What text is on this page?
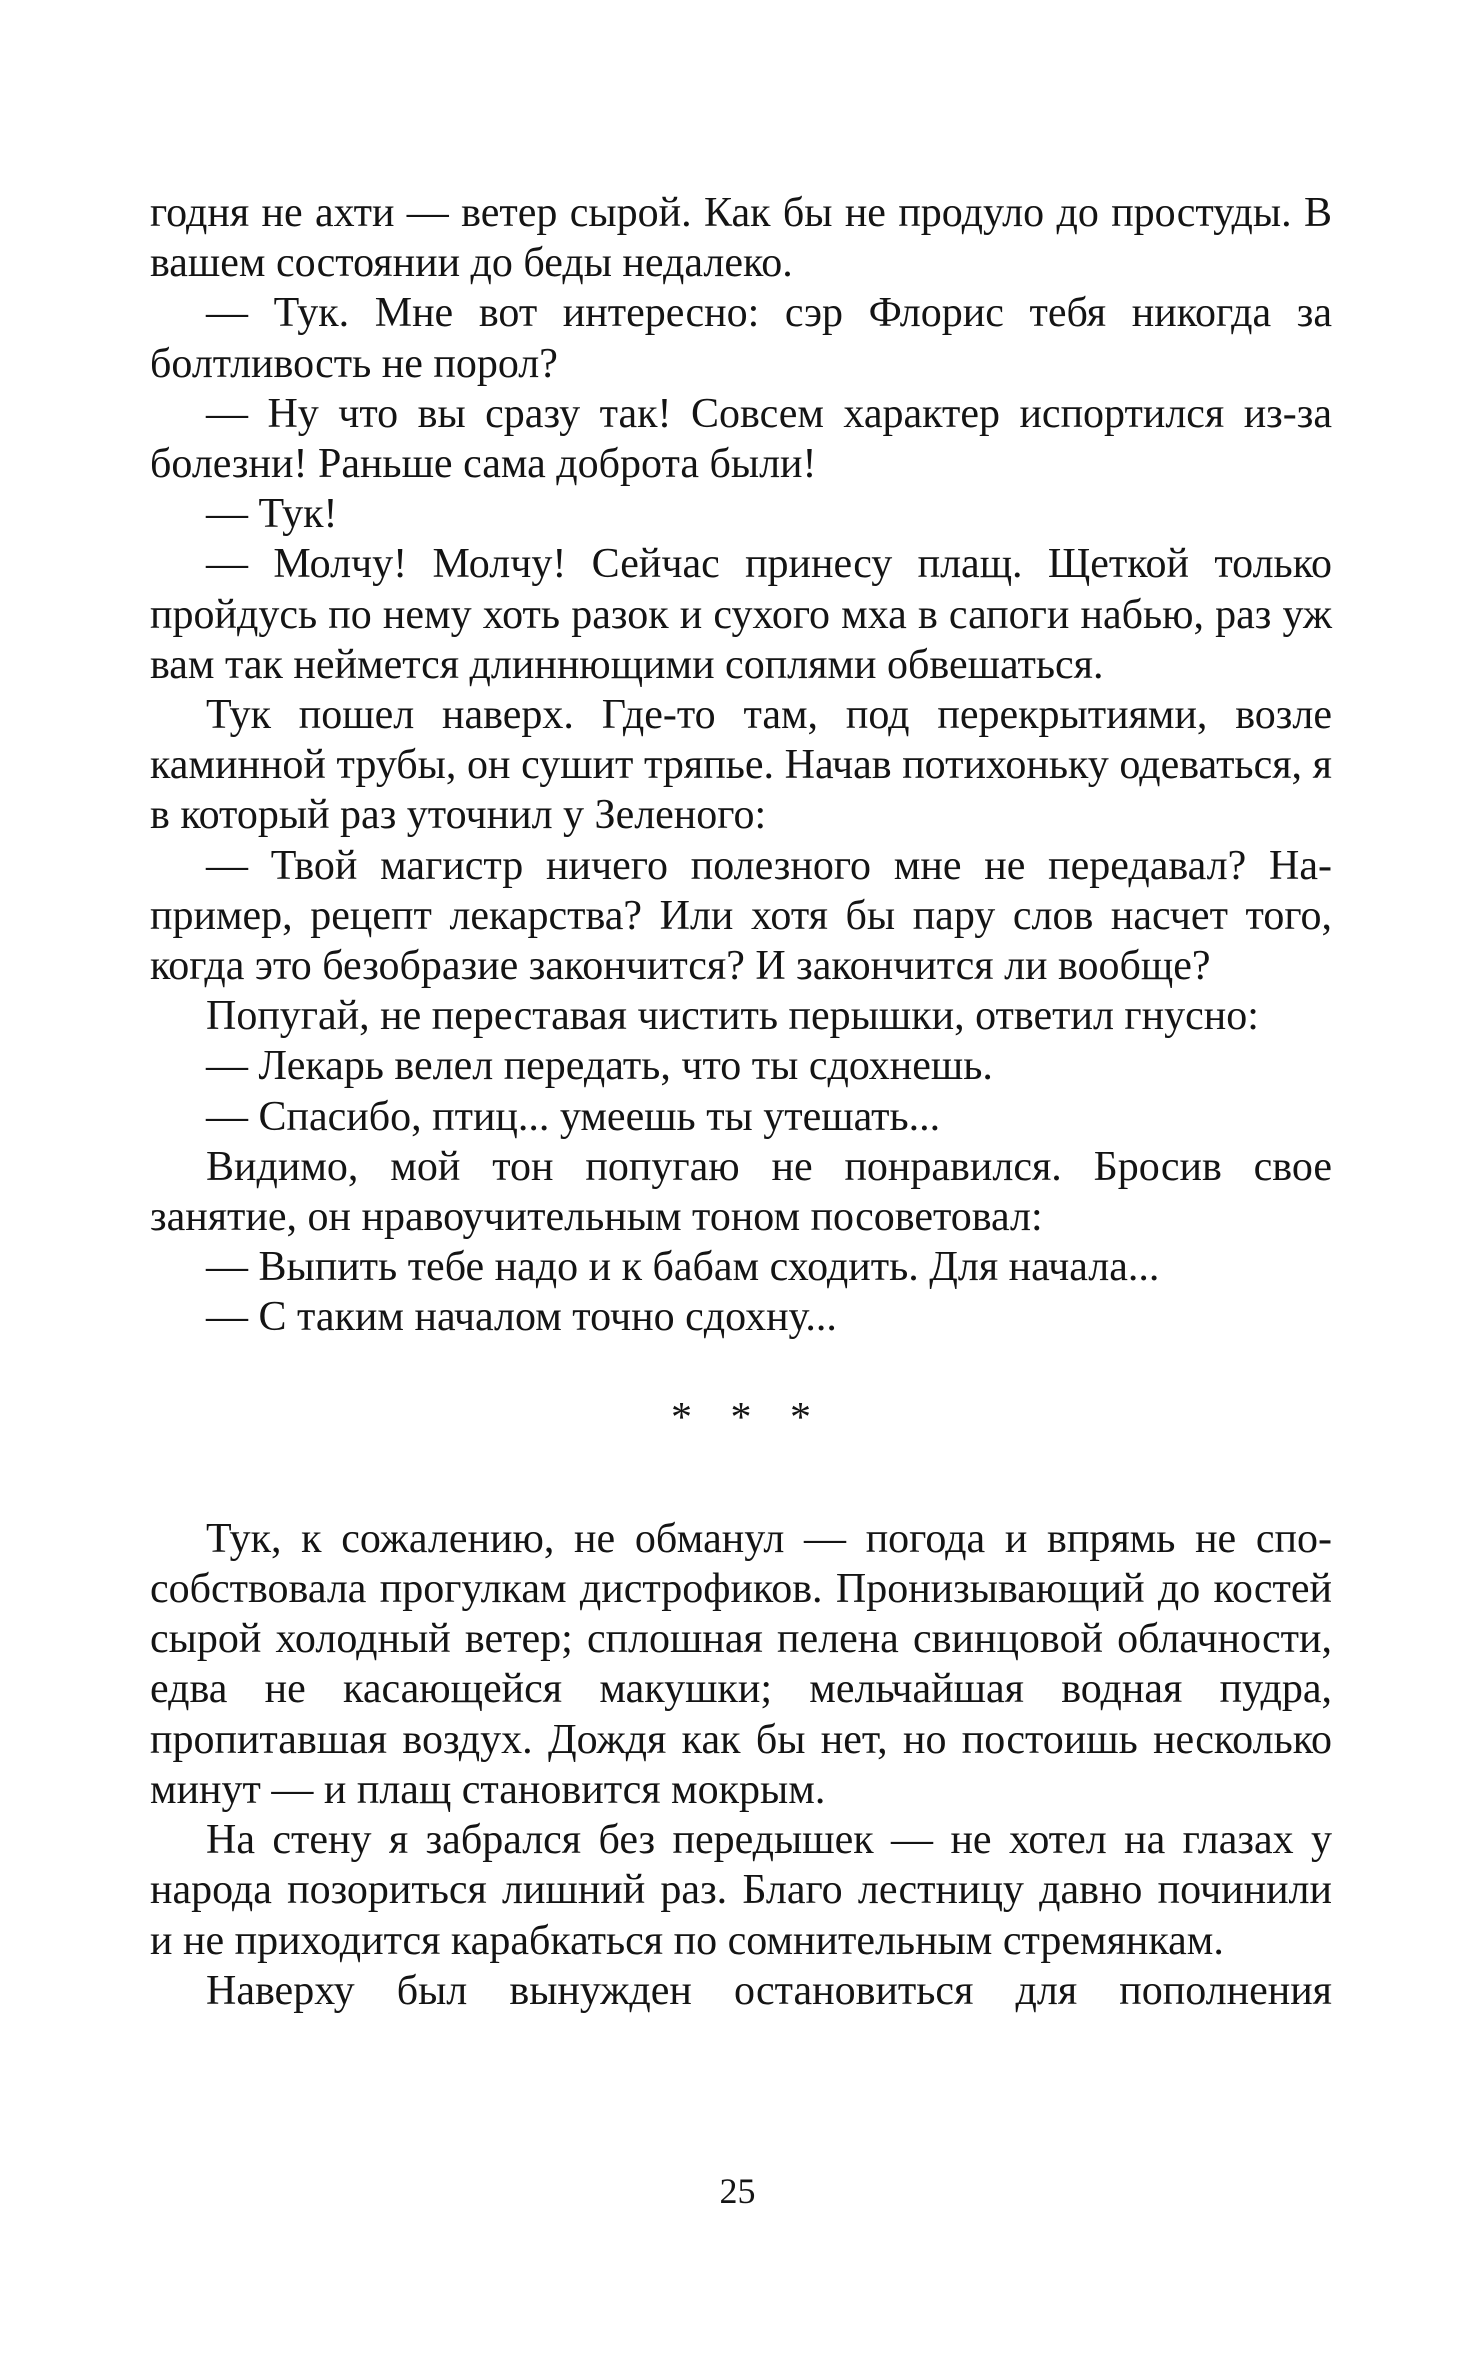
годня не ахти — ветер сырой. Как бы не продуло до простуды. В вашем состоянии до беды недалеко.

— Тук. Мне вот интересно: сэр Флорис тебя никогда за болтливость не порол?

— Ну что вы сразу так! Совсем характер испортился из-за болезни! Раньше сама доброта были!

— Тук!

— Молчу! Молчу! Сейчас принесу плащ. Щеткой только пройдусь по нему хоть разок и сухого мха в сапоги набью, раз уж вам так неймется длиннющими соплями обвешаться.

Тук пошел наверх. Где-то там, под перекрытиями, возле каминной трубы, он сушит тряпье. Начав потихоньку одеваться, я в который раз уточнил у Зеленого:

— Твой магистр ничего полезного мне не передавал? Например, рецепт лекарства? Или хотя бы пару слов насчет того, когда это безобразие закончится? И закончится ли вообще?

Попугай, не переставая чистить перышки, ответил гнусно:

— Лекарь велел передать, что ты сдохнешь.

— Спасибо, птиц... умеешь ты утешать...

Видимо, мой тон попугаю не понравился. Бросив свое занятие, он нравоучительным тоном посоветовал:

— Выпить тебе надо и к бабам сходить. Для начала...

— С таким началом точно сдохну...

* * *

Тук, к сожалению, не обманул — погода и впрямь не способствовала прогулкам дистрофиков. Пронизывающий до костей сырой холодный ветер; сплошная пелена свинцовой облачности, едва не касающейся макушки; мельчайшая водная пудра, пропитавшая воздух. Дождя как бы нет, но постоишь несколько минут — и плащ становится мокрым.

На стену я забрался без передышек — не хотел на глазах у народа позориться лишний раз. Благо лестницу давно починили и не приходится карабкаться по сомнительным стремянкам.

Наверху был вынужден остановиться для пополнения

25
